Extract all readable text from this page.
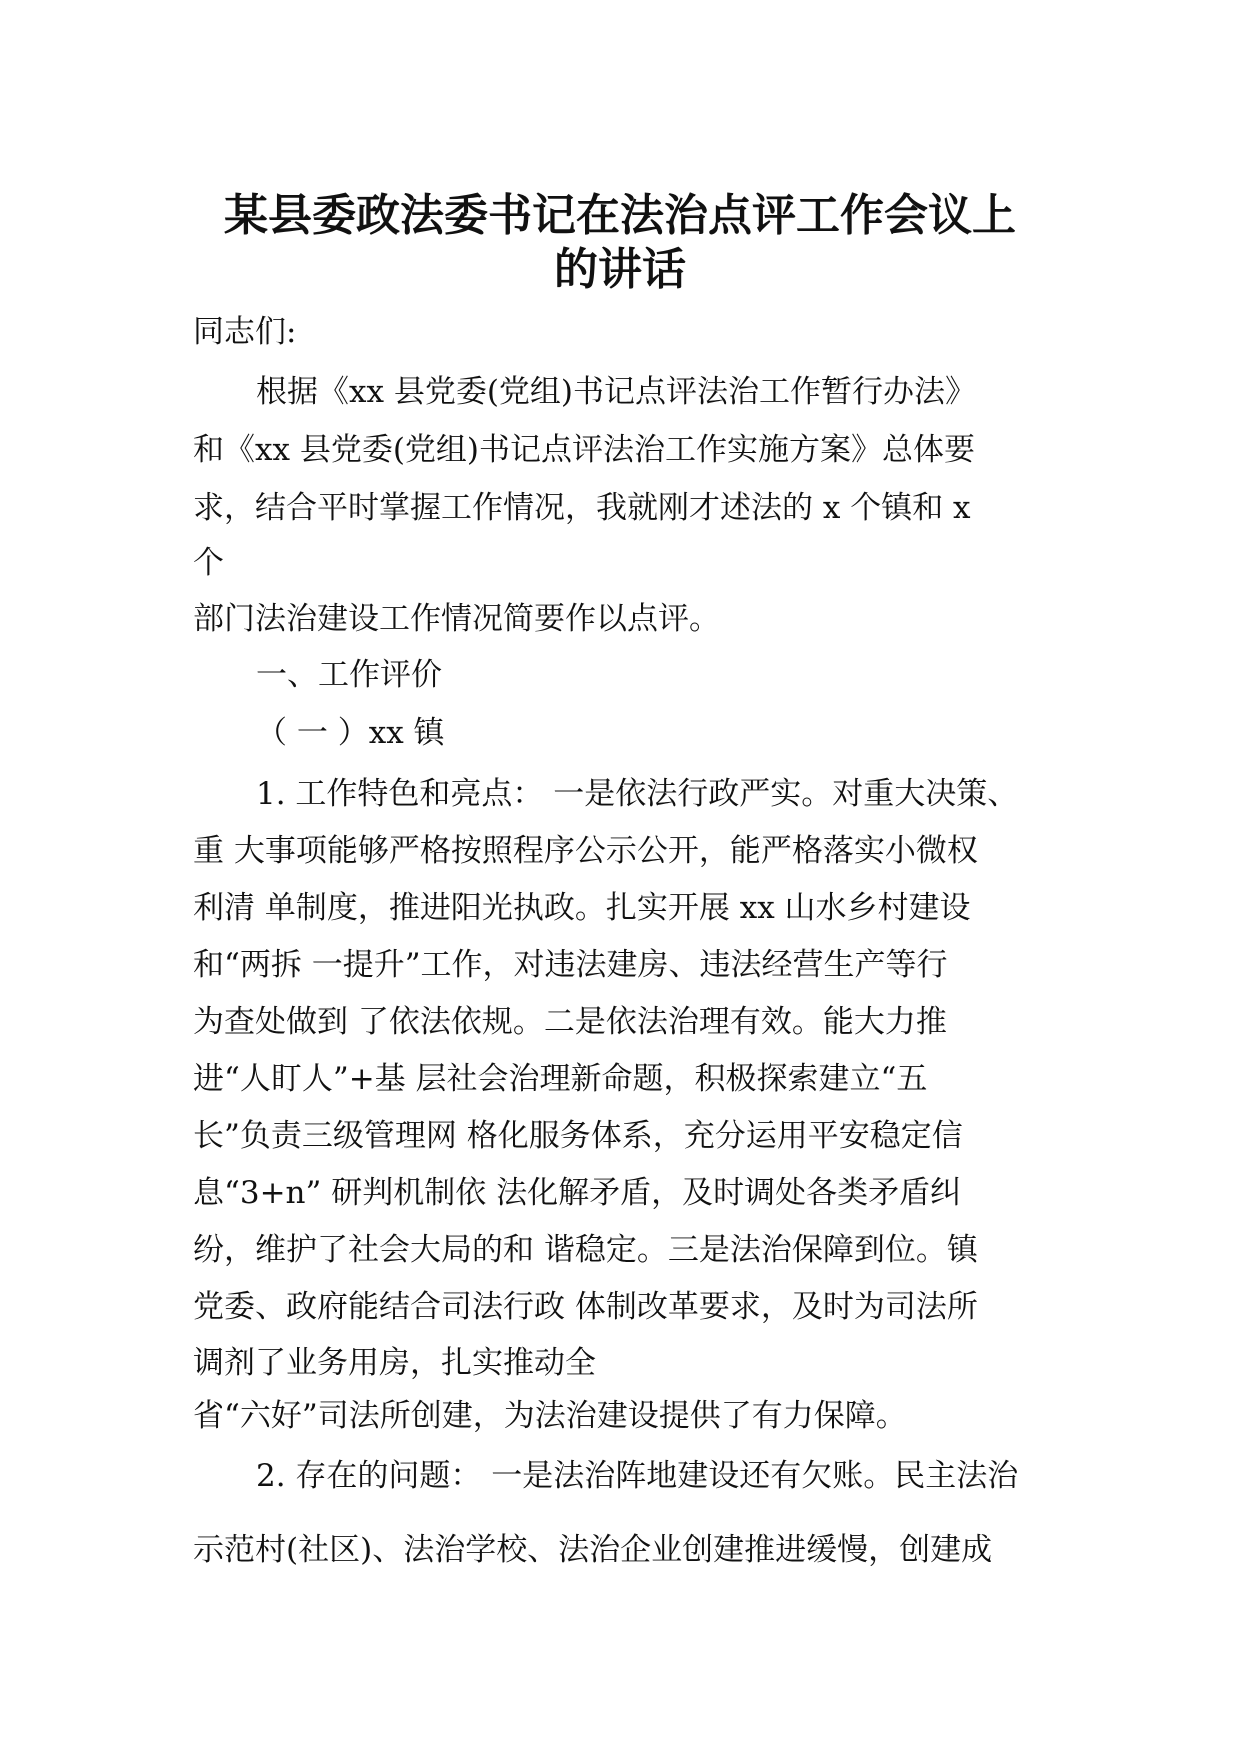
某县委政法委书记在法治点评工作会议上
的讲话
同志们:
根据《xx 县党委(党组)书记点评法治工作暂行办法》
和《xx 县党委(党组)书记点评法治工作实施方案》总体要
求，结合平时掌握工作情况，我就刚才述法的 x 个镇和 x
个
部门法治建设工作情况简要作以点评。
一、工作评价
（ 一 ）xx 镇
1. 工作特色和亮点： 一是依法行政严实。对重大决策、
重 大事项能够严格按照程序公示公开，能严格落实小微权
利清 单制度，推进阳光执政。扎实开展 xx 山水乡村建设
和“两拆 一提升”工作，对违法建房、违法经营生产等行
为查处做到 了依法依规。二是依法治理有效。能大力推
进“人盯人”+基 层社会治理新命题，积极探索建立“五
长”负责三级管理网 格化服务体系，充分运用平安稳定信
息“3+n” 研判机制依 法化解矛盾，及时调处各类矛盾纠
纷，维护了社会大局的和 谐稳定。三是法治保障到位。镇
党委、政府能结合司法行政 体制改革要求，及时为司法所
调剂了业务用房，扎实推动全
省“六好”司法所创建，为法治建设提供了有力保障。
2. 存在的问题： 一是法治阵地建设还有欠账。民主法治
示范村(社区)、法治学校、法治企业创建推进缓慢，创建成
